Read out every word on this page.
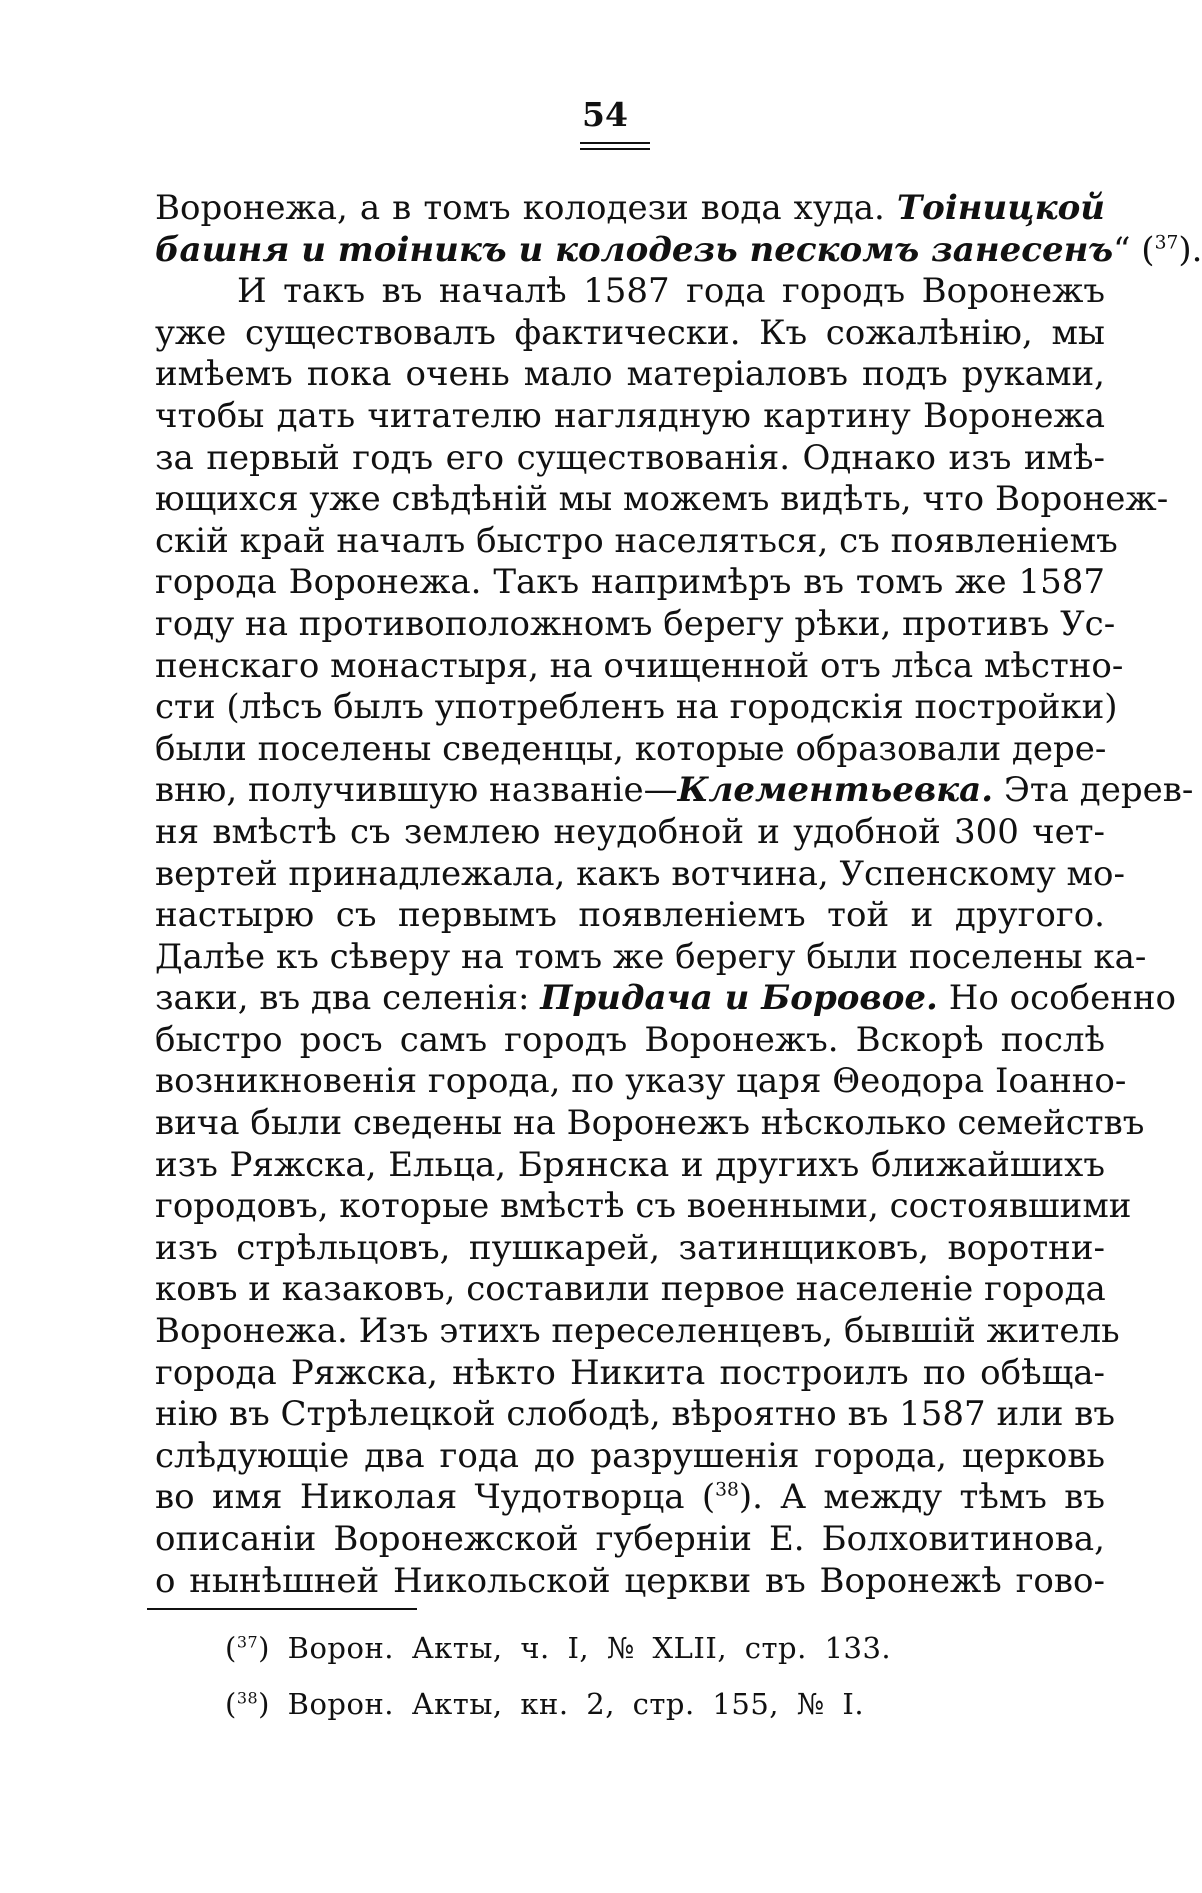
54
Воронежа, а в томъ колодези вода худа. Тоiницкой
башня и тоiникъ и колодезь пескомъ занесенъ“ ($^{37}$).
И такъ въ началѣ 1587 года городъ Воронежъ
уже существовалъ фактически. Къ сожалѣнiю, мы
имѣемъ пока очень мало матерiаловъ подъ руками,
чтобы дать читателю наглядную картину Воронежа
за первый годъ его существованiя. Однако изъ имѣ-
ющихся уже свѣдѣнiй мы можемъ видѣть, что Воронеж-
скiй край началъ быстро населяться, съ появленiемъ
города Воронежа. Такъ напримѣръ въ томъ же 1587
году на противоположномъ берегу рѣки, противъ Ус-
пенскаго монастыря, на очищенной отъ лѣса мѣстно-
сти (лѣсъ былъ употребленъ на городскiя постройки)
были поселены сведенцы, которые образовали дере-
вню, получившую названiе—Клементьевка. Эта дерев-
ня вмѣстѣ съ землею неудобной и удобной 300 чет-
вертей принадлежала, какъ вотчина, Успенскому мо-
настырю съ первымъ появленiемъ той и другого.
Далѣе къ сѣверу на томъ же берегу были поселены ка-
заки, въ два селенiя: Придача и Боровое. Но особенно
быстро росъ самъ городъ Воронежъ. Вскорѣ послѣ
возникновенiя города, по указу царя Θеодора Iоанно-
вича были сведены на Воронежъ нѣсколько семействъ
изъ Ряжска, Ельца, Брянска и другихъ ближайшихъ
городовъ, которые вмѣстѣ съ военными, состоявшими
изъ стрѣльцовъ, пушкарей, затинщиковъ, воротни-
ковъ и казаковъ, составили первое населенiе города
Воронежа. Изъ этихъ переселенцевъ, бывшiй житель
города Ряжска, нѣкто Никита построилъ по обѣща-
нiю въ Стрѣлецкой слободѣ, вѣроятно въ 1587 или въ
слѣдующiе два года до разрушенiя города, церковь
во имя Николая Чудотворца ($^{38}$). А между тѣмъ въ
описанiи Воронежской губернiи Е. Болховитинова,
о нынѣшней Никольской церкви въ Воронежѣ гово-
($^{37}$) Ворон. Акты, ч. I, № XLII, стр. 133.
($^{38}$) Ворон. Акты, кн. 2, стр. 155, № I.
